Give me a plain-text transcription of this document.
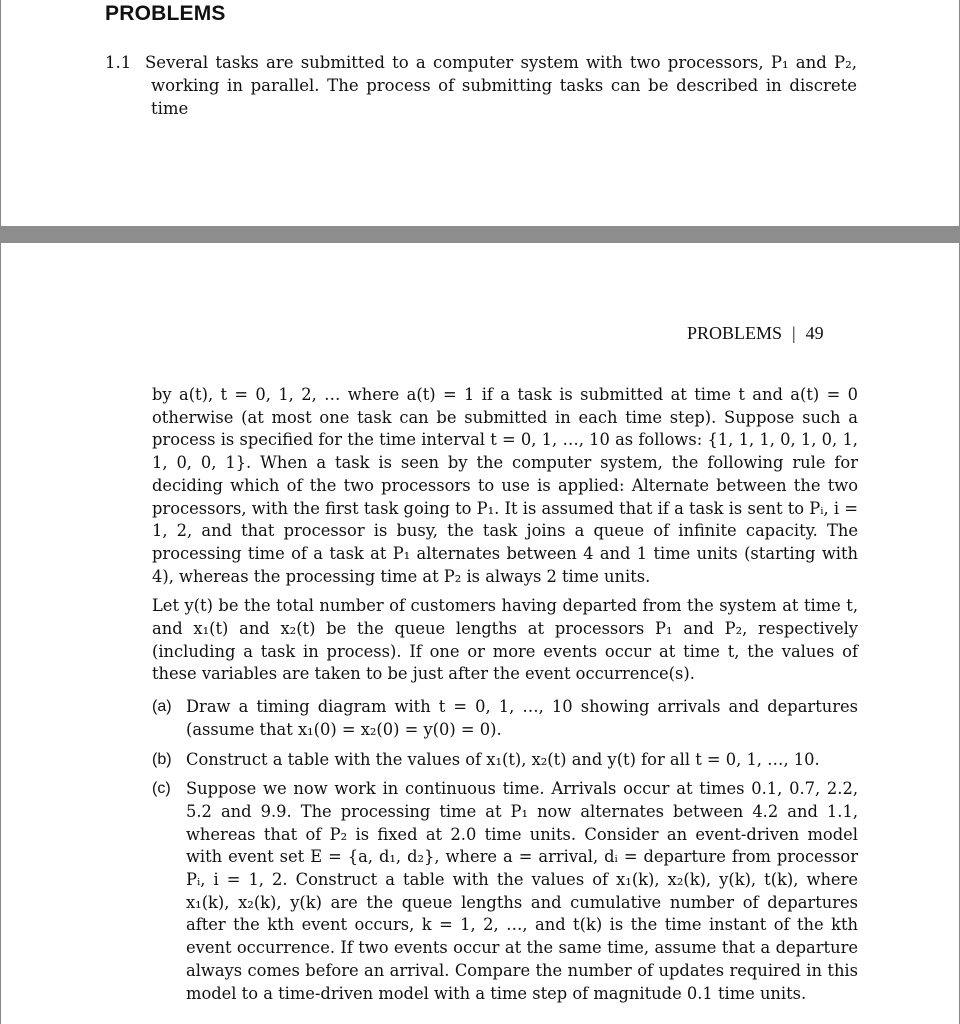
PROBLEMS
1.1 Several tasks are submitted to a computer system with two processors, P₁ and P₂, working in parallel. The process of submitting tasks can be described in discrete time
PROBLEMS | 49

by a(t), t = 0, 1, 2, … where a(t) = 1 if a task is submitted at time t and a(t) = 0 otherwise (at most one task can be submitted in each time step). Suppose such a process is specified for the time interval t = 0, 1, …, 10 as follows: {1, 1, 1, 0, 1, 0, 1, 1, 0, 0, 1}. When a task is seen by the computer system, the following rule for deciding which of the two processors to use is applied: Alternate between the two processors, with the first task going to P₁. It is assumed that if a task is sent to Pᵢ, i = 1, 2, and that processor is busy, the task joins a queue of infinite capacity. The processing time of a task at P₁ alternates between 4 and 1 time units (starting with 4), whereas the processing time at P₂ is always 2 time units.

Let y(t) be the total number of customers having departed from the system at time t, and x₁(t) and x₂(t) be the queue lengths at processors P₁ and P₂, respectively (including a task in process). If one or more events occur at time t, the values of these variables are taken to be just after the event occurrence(s).

(a) Draw a timing diagram with t = 0, 1, …, 10 showing arrivals and departures (assume that x₁(0) = x₂(0) = y(0) = 0).
(b) Construct a table with the values of x₁(t), x₂(t) and y(t) for all t = 0, 1, …, 10.
(c) Suppose we now work in continuous time. Arrivals occur at times 0.1, 0.7, 2.2, 5.2 and 9.9. The processing time at P₁ now alternates between 4.2 and 1.1, whereas that of P₂ is fixed at 2.0 time units. Consider an event-driven model with event set E = {a, d₁, d₂}, where a = arrival, dᵢ = departure from processor Pᵢ, i = 1, 2. Construct a table with the values of x₁(k), x₂(k), y(k), t(k), where x₁(k), x₂(k), y(k) are the queue lengths and cumulative number of departures after the kth event occurs, k = 1, 2, …, and t(k) is the time instant of the kth event occurrence. If two events occur at the same time, assume that a departure always comes before an arrival. Compare the number of updates required in this model to a time-driven model with a time step of magnitude 0.1 time units.
